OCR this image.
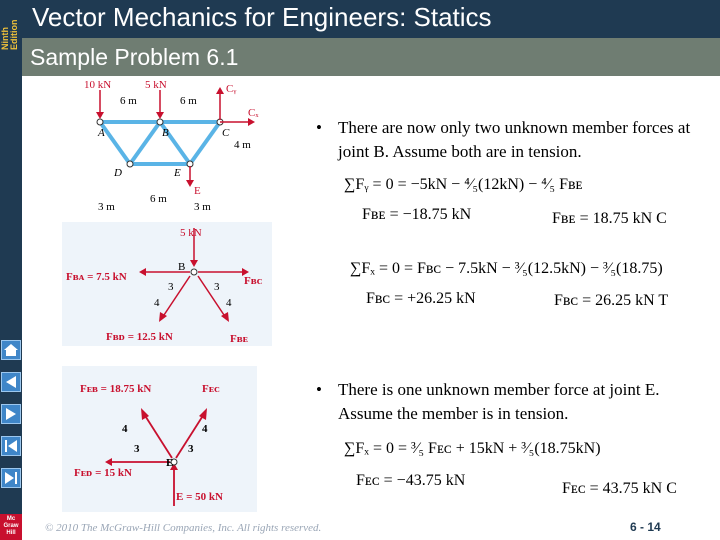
Ninth Edition
Mc
Graw
Hill
Vector Mechanics for Engineers: Statics
Sample Problem 6.1
10 kN	5 kN	Cᵧ
Cₓ
E
6 m	6 m
4 m
3 m
6 m
3 m
A	B	C
D	E
5 kN
B
Fʙᴀ = 7.5 kN	Fʙᴄ
Fʙᴅ = 12.5 kN	Fʙᴇ
3
4
3
4
Fᴇʙ = 18.75 kN	Fᴇᴄ
Fᴇᴅ = 15 kN
E = 50 kN
E
4
3
4
3
• There are now only two unknown member forces at joint B. Assume both are in tension.
∑Fᵧ = 0 = −5kN − ⁴⁄₅(12kN) − ⁴⁄₅ Fʙᴇ
Fʙᴇ = −18.75 kN	Fʙᴇ = 18.75 kN C
∑Fₓ = 0 = Fʙᴄ − 7.5kN − ³⁄₅(12.5kN) − ³⁄₅(18.75)
Fʙᴄ = +26.25 kN	Fʙᴄ = 26.25 kN T
• There is one unknown member force at joint E. Assume the member is in tension.
∑Fₓ = 0 = ³⁄₅ Fᴇᴄ + 15kN + ³⁄₅(18.75kN)
Fᴇᴄ = −43.75 kN	Fᴇᴄ = 43.75 kN C
© 2010 The McGraw-Hill Companies, Inc. All rights reserved.	6 - 14
